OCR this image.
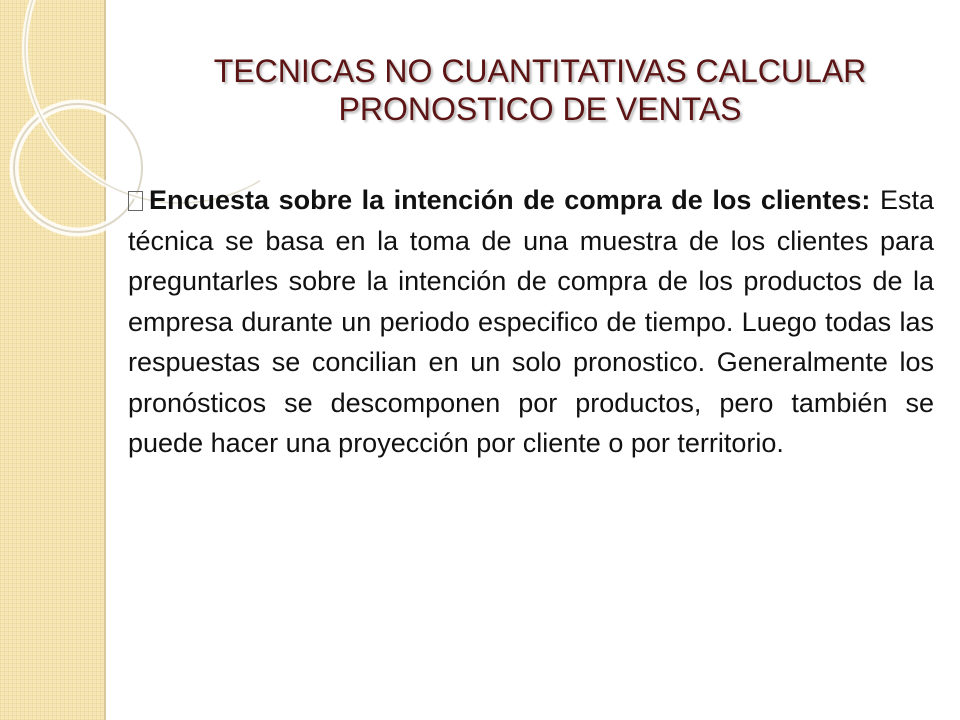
TECNICAS NO CUANTITATIVAS CALCULAR
PRONOSTICO DE VENTAS

Encuesta sobre la intención de compra de los clientes: Esta técnica se basa en la toma de una muestra de los clientes para preguntarles sobre la intención de compra de los productos de la empresa durante un periodo especifico de tiempo. Luego todas las respuestas se concilian en un solo pronostico. Generalmente los pronósticos se descomponen por productos, pero también se puede hacer una proyección por cliente o por territorio.
